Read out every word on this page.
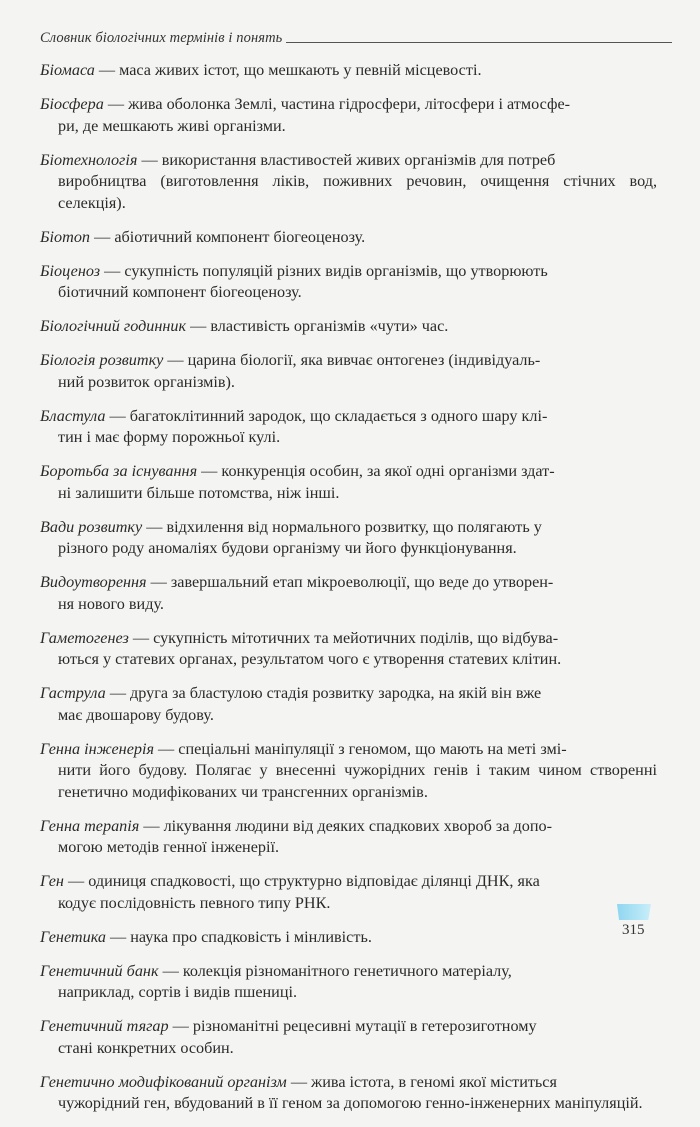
Словник біологічних термінів і понять
Біомаса — маса живих істот, що мешкають у певній місцевості.
Біосфера — жива оболонка Землі, частина гідросфери, літосфери і атмосфе-
ри, де мешкають живі організми.
Біотехнологія — використання властивостей живих організмів для потреб
виробництва (виготовлення ліків, поживних речовин, очищення стічних вод, селекція).
Біотоп — абіотичний компонент біогеоценозу.
Біоценоз — сукупність популяцій різних видів організмів, що утворюють
біотичний компонент біогеоценозу.
Біологічний годинник — властивість організмів «чути» час.
Біологія розвитку — царина біології, яка вивчає онтогенез (індивідуаль-
ний розвиток організмів).
Бластула — багатоклітинний зародок, що складається з одного шару клі-
тин і має форму порожньої кулі.
Боротьба за існування — конкуренція особин, за якої одні організми здат-
ні залишити більше потомства, ніж інші.
Вади розвитку — відхилення від нормального розвитку, що полягають у
різного роду аномаліях будови організму чи його функціонування.
Видоутворення — завершальний етап мікроеволюції, що веде до утворен-
ня нового виду.
Гаметогенез — сукупність мітотичних та мейотичних поділів, що відбува-
ються у статевих органах, результатом чого є утворення статевих клітин.
Гаструла — друга за бластулою стадія розвитку зародка, на якій він вже
має двошарову будову.
Генна інженерія — спеціальні маніпуляції з геномом, що мають на меті змі-
нити його будову. Полягає у внесенні чужорідних генів і таким чином створенні генетично модифікованих чи трансгенних організмів.
Генна терапія — лікування людини від деяких спадкових хвороб за допо-
могою методів генної інженерії.
Ген — одиниця спадковості, що структурно відповідає ділянці ДНК, яка
кодує послідовність певного типу РНК.
Генетика — наука про спадковість і мінливість.
Генетичний банк — колекція різноманітного генетичного матеріалу,
наприклад, сортів і видів пшениці.
Генетичний тягар — різноманітні рецесивні мутації в гетерозиготному
стані конкретних особин.
Генетично модифікований організм — жива істота, в геномі якої міститься
чужорідний ген, вбудований в її геном за допомогою генно-інженерних маніпуляцій.
315
